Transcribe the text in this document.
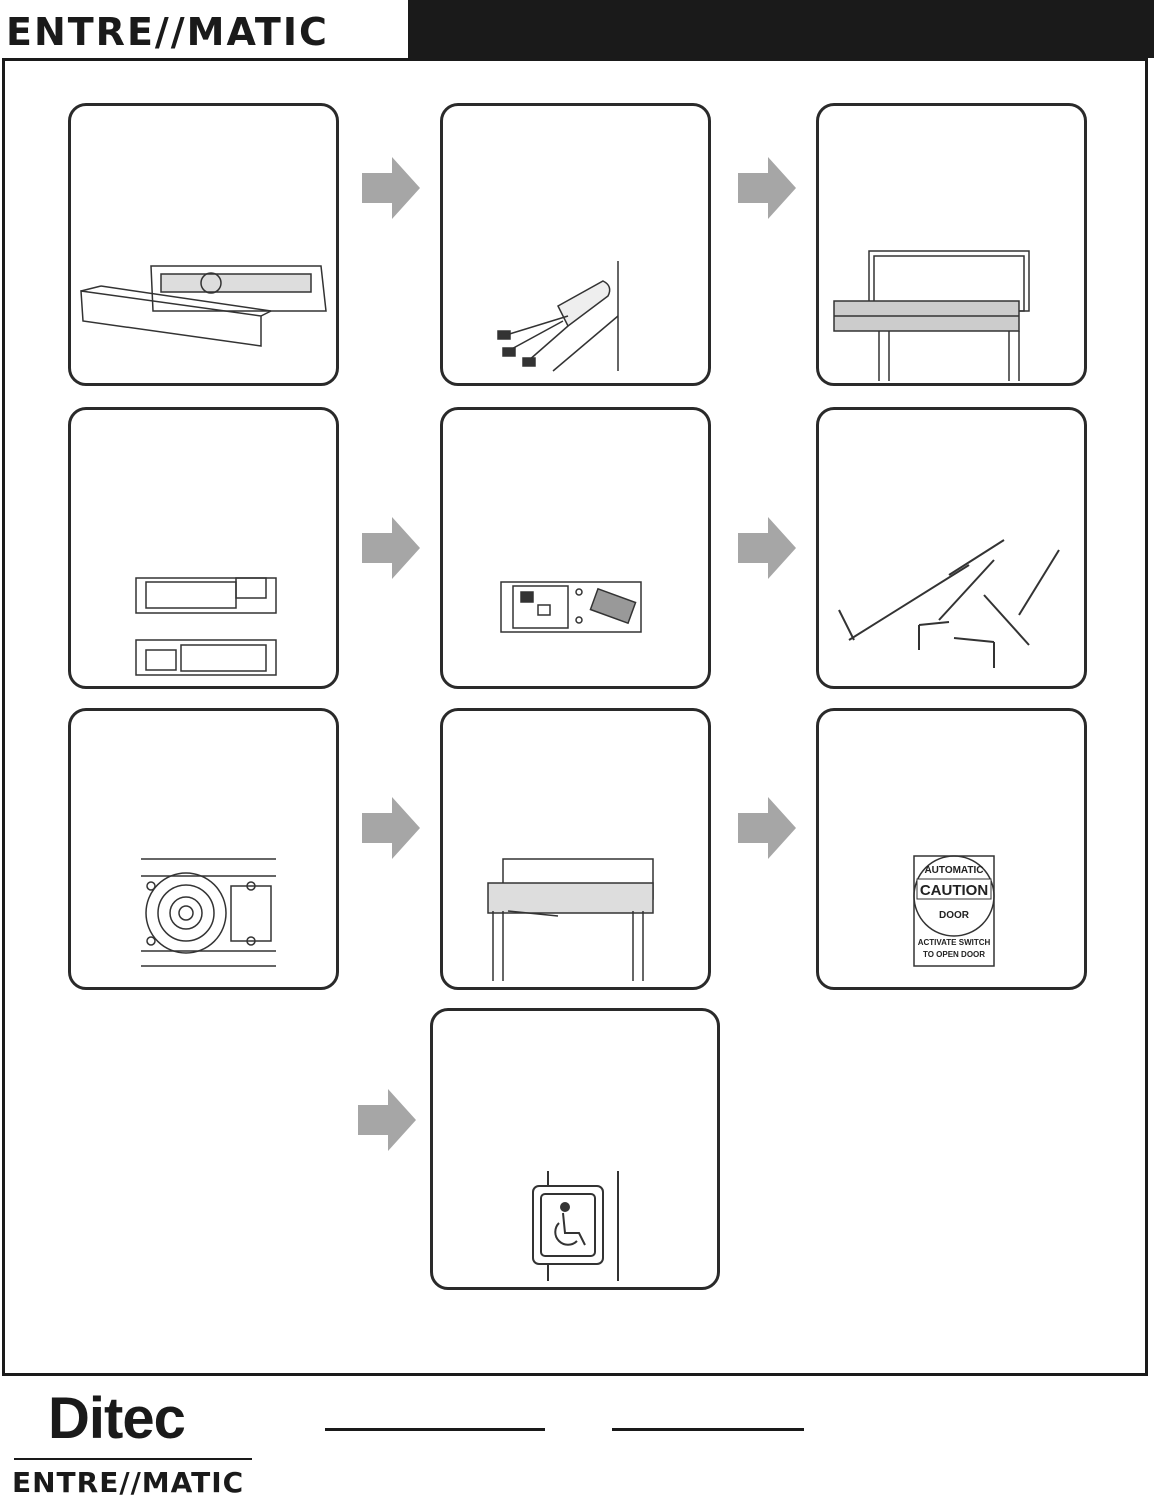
ENTRE//MATIC
AUTOMATIC
CAUTION
DOOR
ACTIVATE SWITCH
TO OPEN DOOR
Ditec
ENTRE//MATIC
